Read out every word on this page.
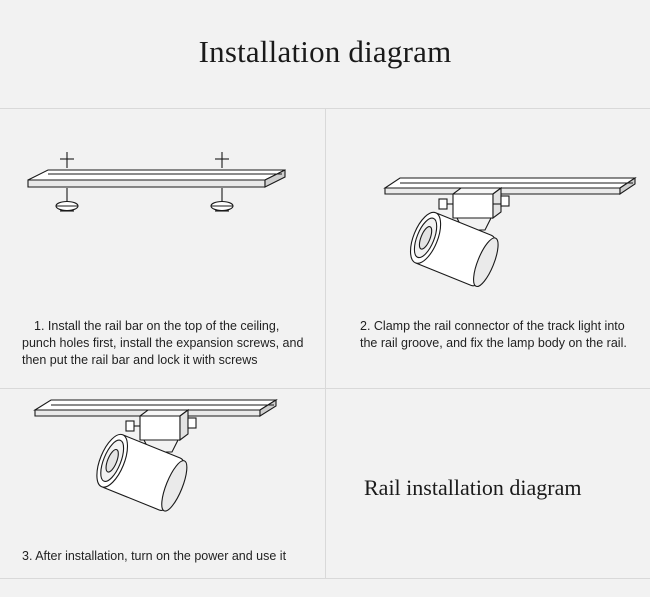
Installation diagram
1. Install the rail bar on the top of the ceiling, punch holes first, install the expansion screws, and then put the rail bar and lock it with screws
2. Clamp the rail connector of the track light into the rail groove, and fix the lamp body on the rail.
3. After installation, turn on the power and use it
Rail installation diagram
